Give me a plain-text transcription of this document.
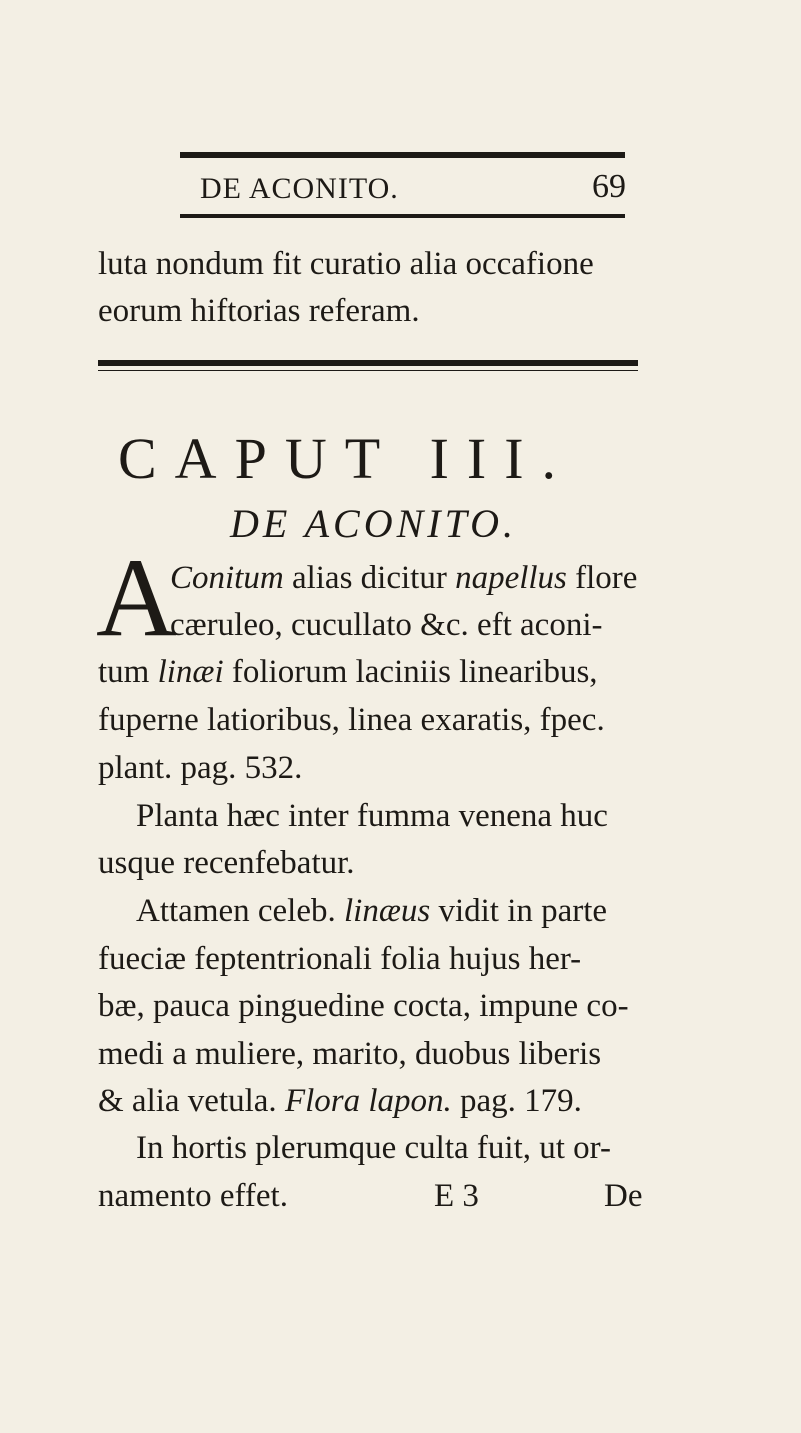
DE ACONITO.	69
luta nondum fit curatio alia occafione
eorum hiftorias referam.
CAPUT III.
DE ACONITO.
A
Conitum alias dicitur napellus flore
cæruleo, cucullato &c. eft aconi-
tum linæi foliorum laciniis linearibus,
fuperne latioribus, linea exaratis, fpec.
plant. pag. 532.
Planta hæc inter fumma venena huc
usque recenfebatur.
Attamen celeb. linæus vidit in parte
fueciæ feptentrionali folia hujus her-
bæ, pauca pinguedine cocta, impune co-
medi a muliere, marito, duobus liberis
& alia vetula. Flora lapon. pag. 179.
In hortis plerumque culta fuit, ut or-
namento effet.	E 3	De
